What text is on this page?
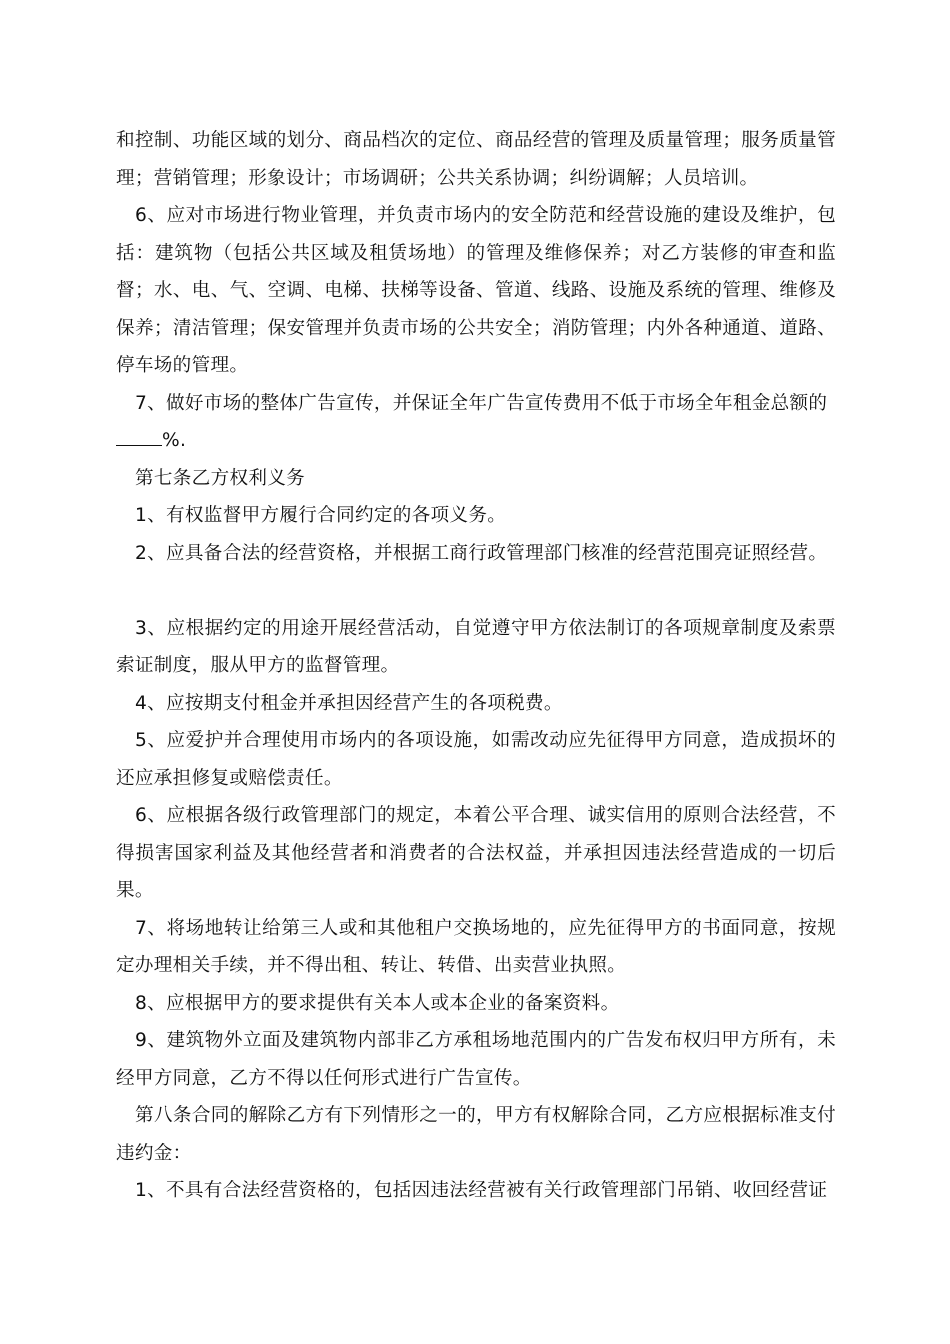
和控制、功能区域的划分、商品档次的定位、商品经营的管理及质量管理；服务质量管理；营销管理；形象设计；市场调研；公共关系协调；纠纷调解；人员培训。

6、应对市场进行物业管理，并负责市场内的安全防范和经营设施的建设及维护，包括：建筑物（包括公共区域及租赁场地）的管理及维修保养；对乙方装修的审查和监督；水、电、气、空调、电梯、扶梯等设备、管道、线路、设施及系统的管理、维修及保养；清洁管理；保安管理并负责市场的公共安全；消防管理；内外各种通道、道路、停车场的管理。

7、做好市场的整体广告宣传，并保证全年广告宣传费用不低于市场全年租金总额的
%.

第七条乙方权利义务

1、有权监督甲方履行合同约定的各项义务。

2、应具备合法的经营资格，并根据工商行政管理部门核准的经营范围亮证照经营。

3、应根据约定的用途开展经营活动，自觉遵守甲方依法制订的各项规章制度及索票索证制度，服从甲方的监督管理。

4、应按期支付租金并承担因经营产生的各项税费。

5、应爱护并合理使用市场内的各项设施，如需改动应先征得甲方同意，造成损坏的还应承担修复或赔偿责任。

6、应根据各级行政管理部门的规定，本着公平合理、诚实信用的原则合法经营，不得损害国家利益及其他经营者和消费者的合法权益，并承担因违法经营造成的一切后果。

7、将场地转让给第三人或和其他租户交换场地的，应先征得甲方的书面同意，按规定办理相关手续，并不得出租、转让、转借、出卖营业执照。

8、应根据甲方的要求提供有关本人或本企业的备案资料。

9、建筑物外立面及建筑物内部非乙方承租场地范围内的广告发布权归甲方所有，未经甲方同意，乙方不得以任何形式进行广告宣传。

第八条合同的解除乙方有下列情形之一的，甲方有权解除合同，乙方应根据标准支付违约金：

1、不具有合法经营资格的，包括因违法经营被有关行政管理部门吊销、收回经营证
